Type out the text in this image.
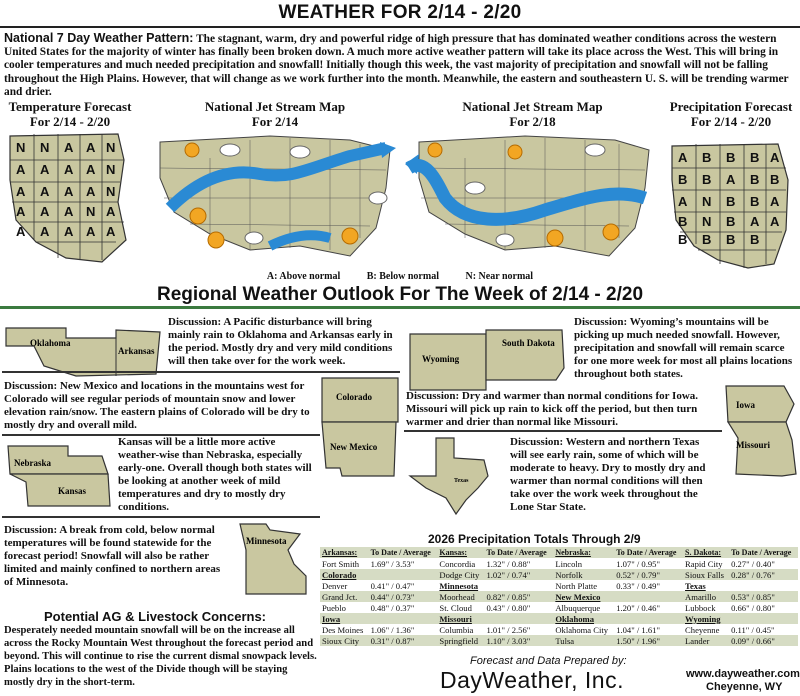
WEATHER FOR 2/14 - 2/20
National 7 Day Weather Pattern: The stagnant, warm, dry and powerful ridge of high pressure that has dominated weather conditions across the western United States for the majority of winter has finally been broken down. A much more active weather pattern will take its place across the West. This will bring in cooler temperatures and much needed precipitation and snowfall! Initially though this week, the vast majority of precipitation and snowfall will not be falling throughout the High Plains. However, that will change as we work further into the month. Meanwhile, the eastern and southeastern U. S. will be trending warmer and drier.
Temperature Forecast
For 2/14 - 2/20
National Jet Stream Map
For 2/14
National Jet Stream Map
For 2/18
Precipitation Forecast
For 2/14 - 2/20
N N A A N
A A A A N
A A A A N
A A A N A
A A A A A
A B B B A
B B A B B
A N B B A
B N B A A
B B B B
A: Above normal	B: Below normal	N: Near normal
Regional Weather Outlook For The Week of 2/14 - 2/20
Oklahoma
Arkansas
Discussion: A Pacific disturbance will bring mainly rain to Oklahoma and Arkansas early in the period. Mostly dry and very mild conditions will then take over for the work week.	Wyoming
South Dakota
Discussion: Wyoming’s mountains will be picking up much needed snowfall. However, precipitation and snowfall will remain scarce for one more week for most all plains locations throughout both states.
Discussion: New Mexico and locations in the mountains west for Colorado will see regular periods of mountain snow and lower elevation rain/snow. The eastern plains of Colorado will be dry to mostly dry and overall mild.
Colorado
New Mexico
Discussion: Dry and warmer than normal conditions for Iowa. Missouri will pick up rain to kick off the period, but then turn warmer and drier than normal like Missouri.
Iowa
Missouri
Nebraska
Kansas
Kansas will be a little more active weather-wise than Nebraska, especially early-one. Overall though both states will be looking at another week of mild temperatures and dry to mostly dry conditions.
Texas
Discussion: Western and northern Texas will see early rain, some of which will be moderate to heavy. Dry to mostly dry and warmer than normal conditions will then take over the work week throughout the Lone Star State.
Discussion: A break from cold, below normal temperatures will be found statewide for the forecast period! Snowfall will also be rather limited and mainly confined to northern areas of Minnesota.
Minnesota	2026 Precipitation Totals Through 2/9
Arkansas:	To Date / Average	Kansas:	To Date / Average	Nebraska:	To Date / Average	S. Dakota:	To Date / Average
Fort Smith	1.69" / 3.53"	Concordia	1.32" / 0.88"	Lincoln	1.07" / 0.95"	Rapid City	0.27" / 0.40"
Colorado		Dodge City	1.02" / 0.74"	Norfolk	0.52" / 0.79"	Sioux Falls	0.28" / 0.76"
Denver	0.41" / 0.47"	Minnesota		North Platte	0.33" / 0.49"	Texas	
Grand Jct.	0.44" / 0.73"	Moorhead	0.82" / 0.85"	New Mexico		Amarillo	0.53" / 0.85"
Pueblo	0.48" / 0.37"	St. Cloud	0.43" / 0.80"	Albuquerque	1.20" / 0.46"	Lubbock	0.66" / 0.80"
Iowa		Missouri		Oklahoma		Wyoming	
Des Moines	1.06" / 1.36"	Columbia	1.01" / 2.56"	Oklahoma City	1.04" / 1.61"	Cheyenne	0.11" / 0.45"
Sioux City	0.31" / 0.87"	Springfield	1.10" / 3.03"	Tulsa	1.50" / 1.96"	Lander	0.09" / 0.66"
Potential AG & Livestock Concerns:
Desperately needed mountain snowfall will be on the increase all across the Rocky Mountain West throughout the forecast period and beyond. This will continue to rise the current dismal snowpack levels. Plains locations to the west of the Divide though will be staying mostly dry in the short-term.
Forecast and Data Prepared by:
DayWeather, Inc.	www.dayweather.com
Cheyenne, WY
